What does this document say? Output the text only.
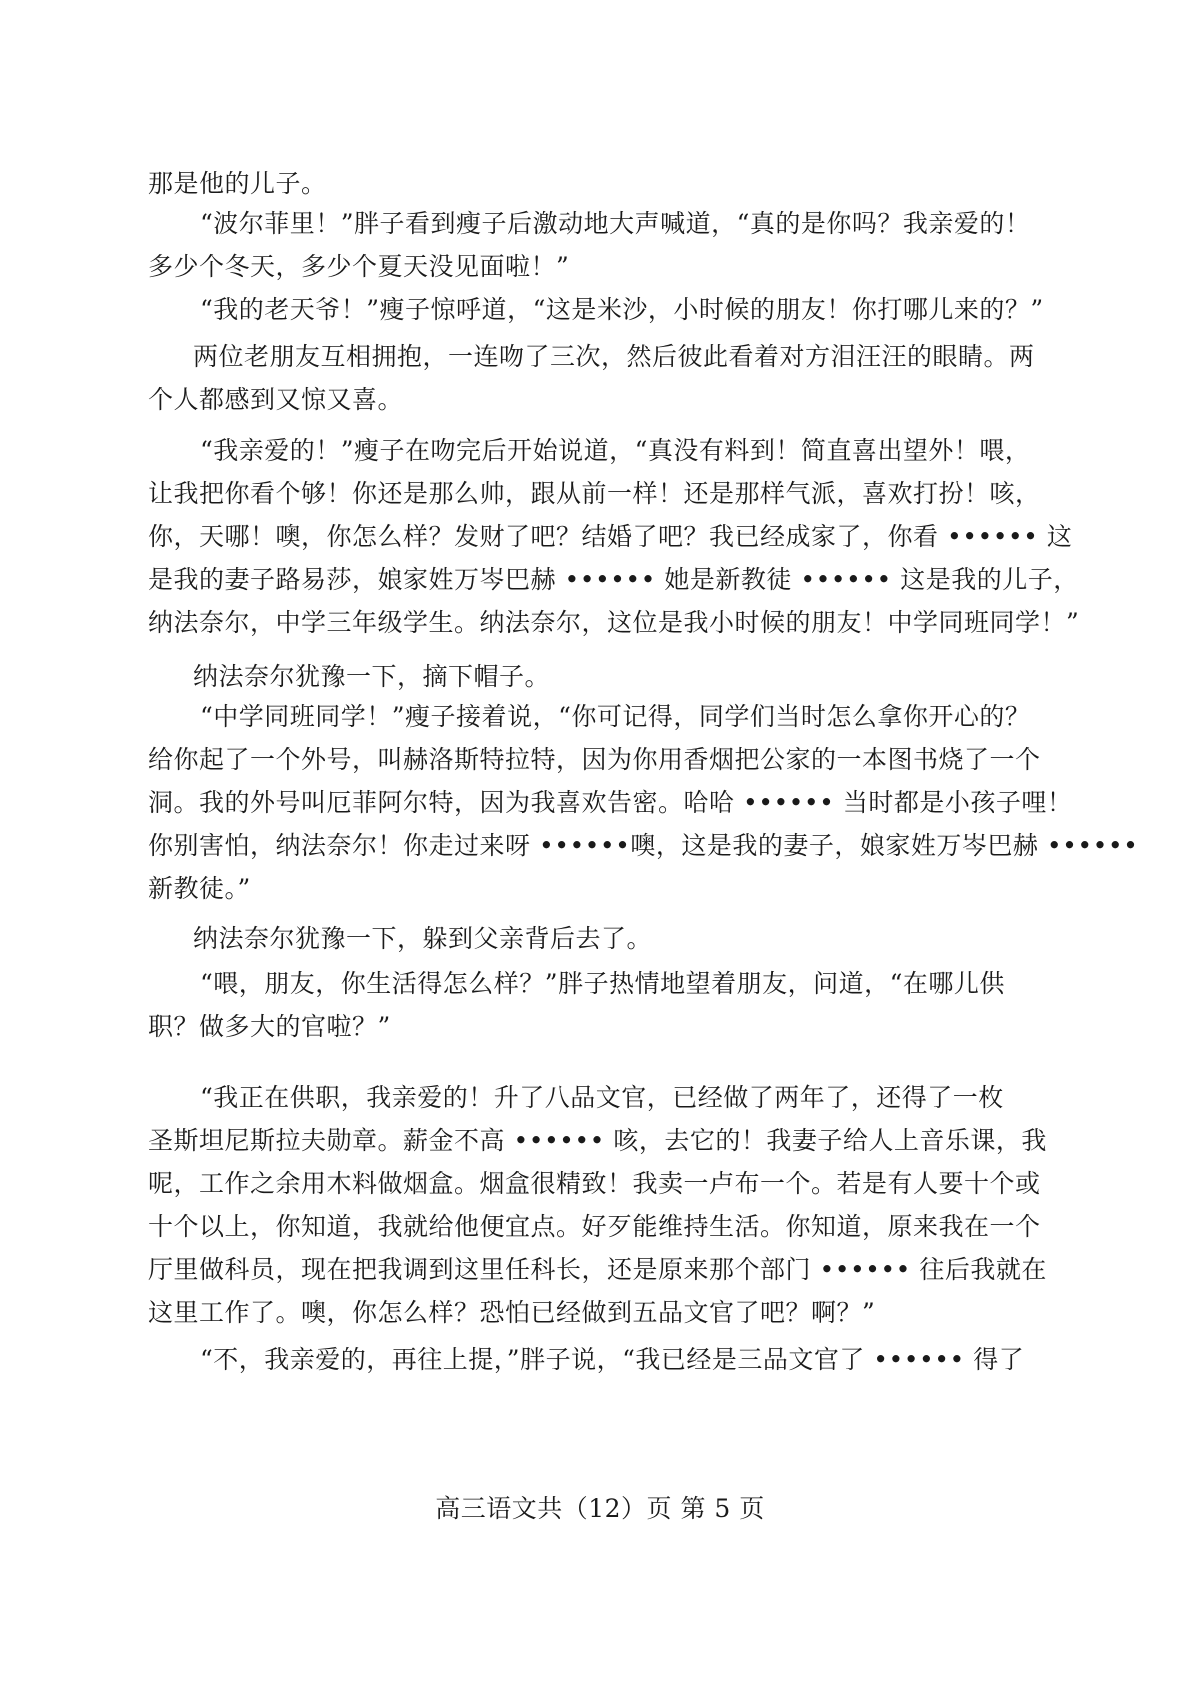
那是他的儿子。
“波尔菲里！”胖子看到瘦子后激动地大声喊道，“真的是你吗？我亲爱的！
多少个冬天，多少个夏天没见面啦！”
“我的老天爷！”瘦子惊呼道，“这是米沙，小时候的朋友！你打哪儿来的？”
两位老朋友互相拥抱，一连吻了三次，然后彼此看着对方泪汪汪的眼睛。两
个人都感到又惊又喜。
“我亲爱的！”瘦子在吻完后开始说道，“真没有料到！简直喜出望外！喂，
让我把你看个够！你还是那么帅，跟从前一样！还是那样气派，喜欢打扮！咳，
你，天哪！噢，你怎么样？发财了吧？结婚了吧？我已经成家了，你看 •••••• 这
是我的妻子路易莎，娘家姓万岑巴赫 •••••• 她是新教徒 •••••• 这是我的儿子，
纳法奈尔，中学三年级学生。纳法奈尔，这位是我小时候的朋友！中学同班同学！”
纳法奈尔犹豫一下，摘下帽子。
“中学同班同学！”瘦子接着说，“你可记得，同学们当时怎么拿你开心的？
给你起了一个外号，叫赫洛斯特拉特，因为你用香烟把公家的一本图书烧了一个
洞。我的外号叫厄菲阿尔特，因为我喜欢告密。哈哈 •••••• 当时都是小孩子哩！
你别害怕，纳法奈尔！你走过来呀 ••••••噢，这是我的妻子，娘家姓万岑巴赫 ••••••
新教徒。”
纳法奈尔犹豫一下，躲到父亲背后去了。
“喂，朋友，你生活得怎么样？”胖子热情地望着朋友，问道，“在哪儿供
职？做多大的官啦？”
“我正在供职，我亲爱的！升了八品文官，已经做了两年了，还得了一枚
圣斯坦尼斯拉夫勋章。薪金不高 •••••• 咳，去它的！我妻子给人上音乐课，我
呢，工作之余用木料做烟盒。烟盒很精致！我卖一卢布一个。若是有人要十个或
十个以上，你知道，我就给他便宜点。好歹能维持生活。你知道，原来我在一个
厅里做科员，现在把我调到这里任科长，还是原来那个部门 •••••• 往后我就在
这里工作了。噢，你怎么样？恐怕已经做到五品文官了吧？啊？”
“不，我亲爱的，再往上提，”胖子说，“我已经是三品文官了 •••••• 得了
高三语文共（12）页 第 5 页
